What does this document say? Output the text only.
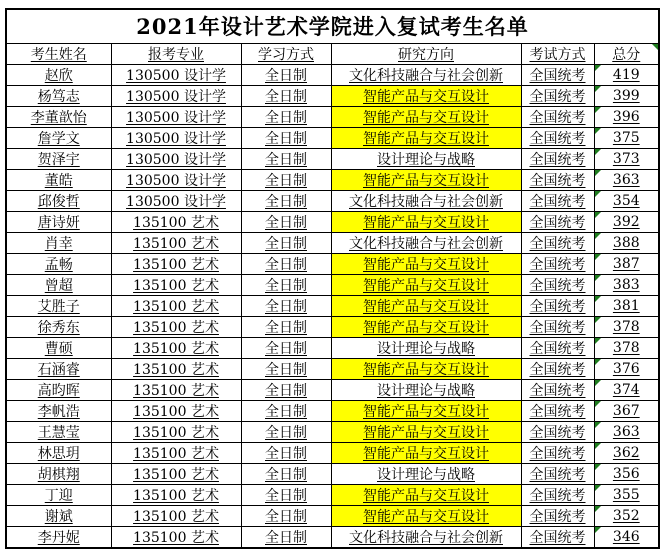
2021年设计艺术学院进入复试考生名单					
考生姓名	报考专业	学习方式	研究方向	考试方式	总分
赵欣	130500 设计学	全日制	文化科技融合与社会创新	全国统考	419
杨笃志	130500 设计学	全日制	智能产品与交互设计	全国统考	399
李董歆怡	130500 设计学	全日制	智能产品与交互设计	全国统考	396
詹学文	130500 设计学	全日制	智能产品与交互设计	全国统考	375
贺泽宇	130500 设计学	全日制	设计理论与战略	全国统考	373
董皓	130500 设计学	全日制	智能产品与交互设计	全国统考	363
邱俊哲	130500 设计学	全日制	文化科技融合与社会创新	全国统考	354
唐诗妍	135100 艺术	全日制	智能产品与交互设计	全国统考	392
肖幸	135100 艺术	全日制	文化科技融合与社会创新	全国统考	388
孟畅	135100 艺术	全日制	智能产品与交互设计	全国统考	387
曾超	135100 艺术	全日制	智能产品与交互设计	全国统考	383
艾胜子	135100 艺术	全日制	智能产品与交互设计	全国统考	381
徐秀东	135100 艺术	全日制	智能产品与交互设计	全国统考	378
曹硕	135100 艺术	全日制	设计理论与战略	全国统考	378
石涵睿	135100 艺术	全日制	智能产品与交互设计	全国统考	376
高昀晖	135100 艺术	全日制	设计理论与战略	全国统考	374
李帆浩	135100 艺术	全日制	智能产品与交互设计	全国统考	367
王慧莹	135100 艺术	全日制	智能产品与交互设计	全国统考	363
林思玥	135100 艺术	全日制	智能产品与交互设计	全国统考	362
胡棋翔	135100 艺术	全日制	设计理论与战略	全国统考	356
丁迎	135100 艺术	全日制	智能产品与交互设计	全国统考	355
谢斌	135100 艺术	全日制	智能产品与交互设计	全国统考	352
李丹妮	135100 艺术	全日制	文化科技融合与社会创新	全国统考	346
